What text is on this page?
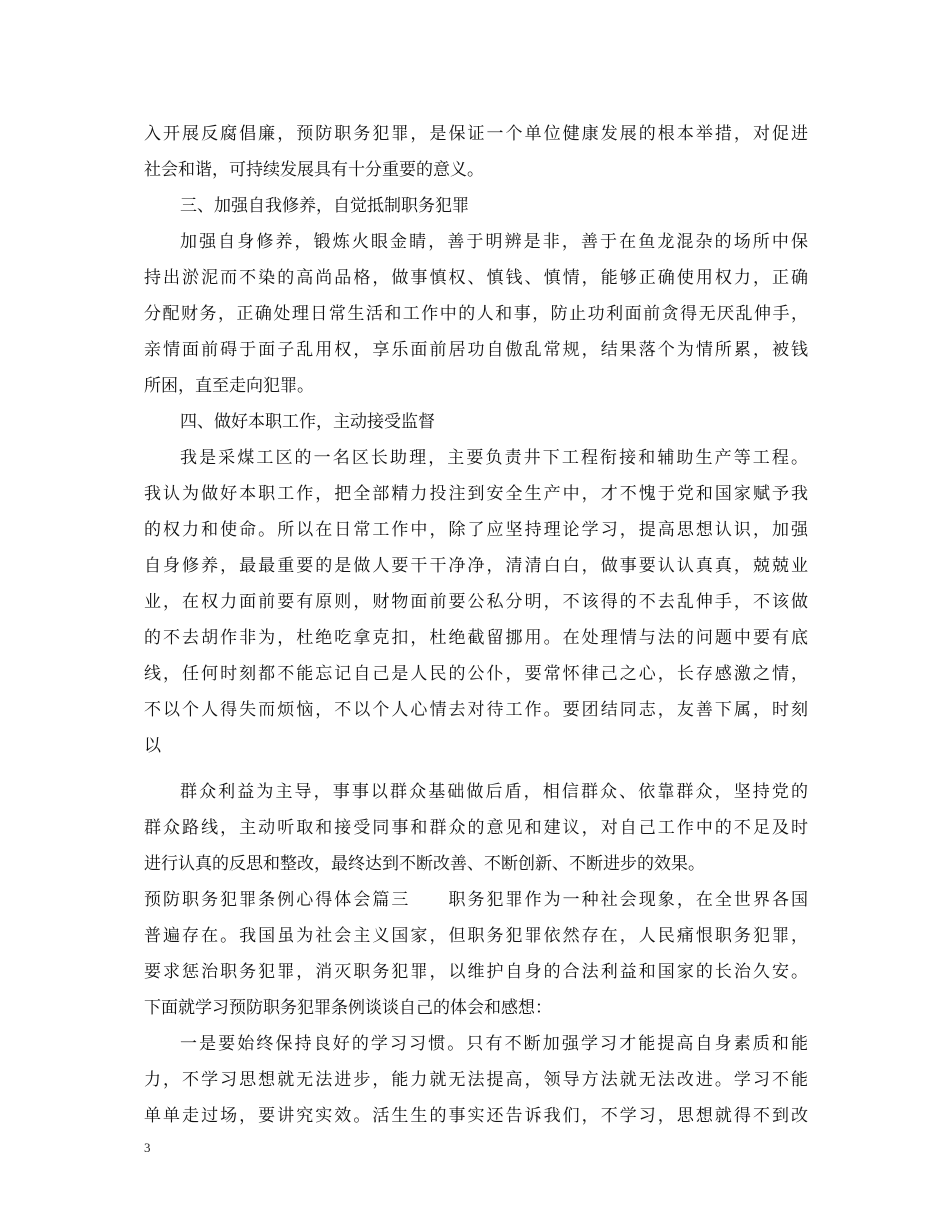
入开展反腐倡廉，预防职务犯罪，是保证一个单位健康发展的根本举措，对促进
社会和谐，可持续发展具有十分重要的意义。
三、加强自我修养，自觉抵制职务犯罪
加强自身修养，锻炼火眼金睛，善于明辨是非，善于在鱼龙混杂的场所中保
持出淤泥而不染的高尚品格，做事慎权、慎钱、慎情，能够正确使用权力，正确
分配财务，正确处理日常生活和工作中的人和事，防止功利面前贪得无厌乱伸手，
亲情面前碍于面子乱用权，享乐面前居功自傲乱常规，结果落个为情所累，被钱
所困，直至走向犯罪。
四、做好本职工作，主动接受监督
我是采煤工区的一名区长助理，主要负责井下工程衔接和辅助生产等工程。
我认为做好本职工作，把全部精力投注到安全生产中，才不愧于党和国家赋予我
的权力和使命。所以在日常工作中，除了应坚持理论学习，提高思想认识，加强
自身修养，最最重要的是做人要干干净净，清清白白，做事要认认真真，兢兢业
业，在权力面前要有原则，财物面前要公私分明，不该得的不去乱伸手，不该做
的不去胡作非为，杜绝吃拿克扣，杜绝截留挪用。在处理情与法的问题中要有底
线，任何时刻都不能忘记自己是人民的公仆，要常怀律己之心，长存感激之情，
不以个人得失而烦恼，不以个人心情去对待工作。要团结同志，友善下属，时刻
以
群众利益为主导，事事以群众基础做后盾，相信群众、依靠群众，坚持党的
群众路线，主动听取和接受同事和群众的意见和建议，对自己工作中的不足及时
进行认真的反思和整改，最终达到不断改善、不断创新、不断进步的效果。
预防职务犯罪条例心得体会篇三　　职务犯罪作为一种社会现象，在全世界各国
普遍存在。我国虽为社会主义国家，但职务犯罪依然存在，人民痛恨职务犯罪，
要求惩治职务犯罪，消灭职务犯罪，以维护自身的合法利益和国家的长治久安。
下面就学习预防职务犯罪条例谈谈自己的体会和感想：
一是要始终保持良好的学习习惯。只有不断加强学习才能提高自身素质和能
力，不学习思想就无法进步，能力就无法提高，领导方法就无法改进。学习不能
单单走过场，要讲究实效。活生生的事实还告诉我们，不学习，思想就得不到改
3
